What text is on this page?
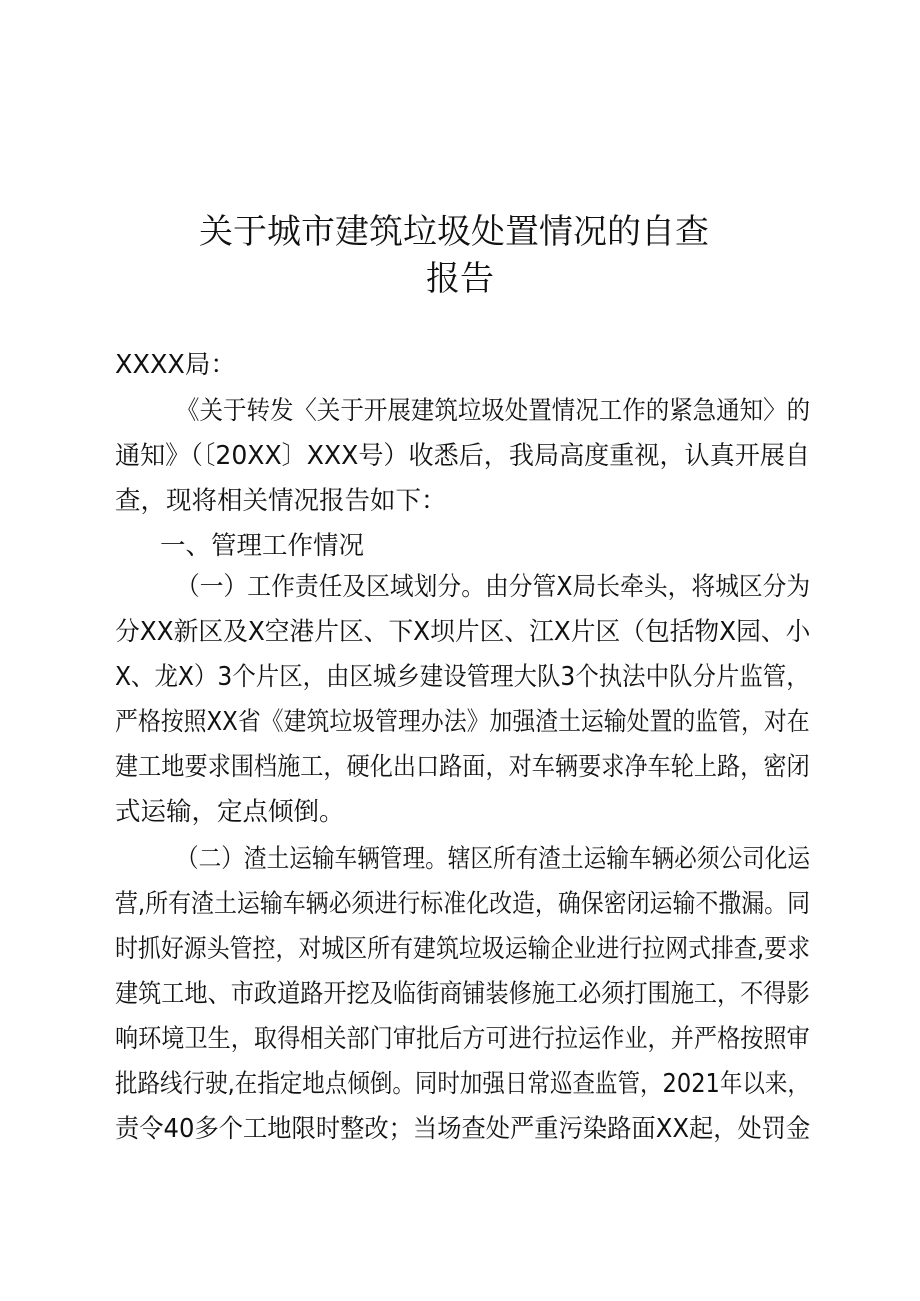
关于城市建筑垃圾处置情况的自查
报告
XXXX局：
《关于转发〈关于开展建筑垃圾处置情况工作的紧急通知〉的
通知》（〔20XX〕XXX号）收悉后，我局高度重视，认真开展自
查，现将相关情况报告如下：
一、管理工作情况
（一）工作责任及区域划分。由分管X局长牵头，将城区分为
分XX新区及X空港片区、下X坝片区、江X片区（包括物X园、小
X、龙X）3个片区，由区城乡建设管理大队3个执法中队分片监管，
严格按照XX省《建筑垃圾管理办法》加强渣土运输处置的监管，对在
建工地要求围档施工，硬化出口路面，对车辆要求净车轮上路，密闭
式运输，定点倾倒。
（二）渣土运输车辆管理。辖区所有渣土运输车辆必须公司化运
营,所有渣土运输车辆必须进行标准化改造，确保密闭运输不撒漏。同
时抓好源头管控，对城区所有建筑垃圾运输企业进行拉网式排查,要求
建筑工地、市政道路开挖及临街商铺装修施工必须打围施工，不得影
响环境卫生，取得相关部门审批后方可进行拉运作业，并严格按照审
批路线行驶,在指定地点倾倒。同时加强日常巡查监管，2021年以来，
责令40多个工地限时整改；当场查处严重污染路面XX起，处罚金
